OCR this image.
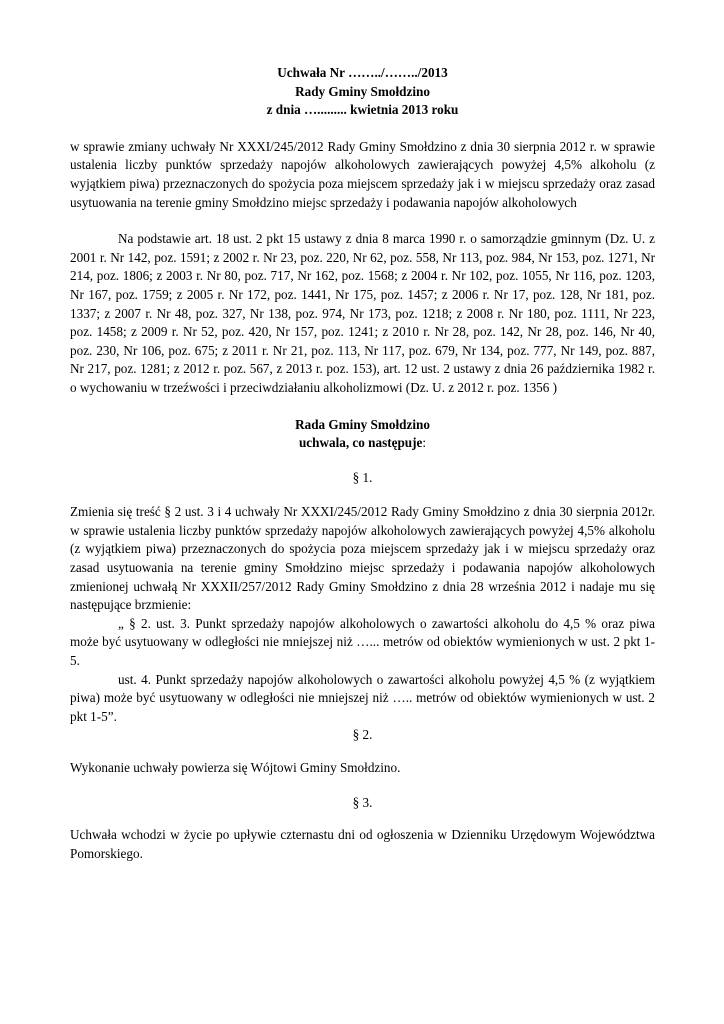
Uchwała Nr ……../……../2013

Rady Gminy Smołdzino

z dnia …......... kwietnia 2013 roku

w sprawie zmiany uchwały Nr XXXI/245/2012 Rady Gminy Smołdzino z dnia 30 sierpnia 2012 r. w sprawie ustalenia liczby punktów sprzedaży napojów alkoholowych zawierających powyżej 4,5% alkoholu (z wyjątkiem piwa) przeznaczonych do spożycia poza miejscem sprzedaży jak i w miejscu sprzedaży oraz zasad usytuowania na terenie gminy Smołdzino miejsc sprzedaży i podawania napojów alkoholowych

Na podstawie art. 18 ust. 2 pkt 15 ustawy z dnia 8 marca 1990 r. o samorządzie gminnym (Dz. U. z 2001 r. Nr 142, poz. 1591; z 2002 r. Nr 23, poz. 220, Nr 62, poz. 558, Nr 113, poz. 984, Nr 153, poz. 1271, Nr 214, poz. 1806; z 2003 r. Nr 80, poz. 717, Nr 162, poz. 1568; z 2004 r. Nr 102, poz. 1055, Nr 116, poz. 1203, Nr 167, poz. 1759; z 2005 r. Nr 172, poz. 1441, Nr 175, poz. 1457; z 2006 r. Nr 17, poz. 128, Nr 181, poz. 1337; z 2007 r. Nr 48, poz. 327, Nr 138, poz. 974, Nr 173, poz. 1218; z 2008 r. Nr 180, poz. 1111, Nr 223, poz. 1458; z 2009 r. Nr 52, poz. 420, Nr 157, poz. 1241; z 2010 r. Nr 28, poz. 142, Nr 28, poz. 146, Nr 40, poz. 230, Nr 106, poz. 675; z 2011 r. Nr 21, poz. 113, Nr 117, poz. 679, Nr 134, poz. 777, Nr 149, poz. 887, Nr 217, poz. 1281; z 2012 r. poz. 567, z 2013 r. poz. 153), art. 12 ust. 2 ustawy z dnia 26 października 1982 r. o wychowaniu w trzeźwości i przeciwdziałaniu alkoholizmowi (Dz. U. z 2012 r. poz. 1356 )

Rada Gminy Smołdzino

uchwala, co następuje:

§ 1.

Zmienia się treść § 2 ust. 3 i 4 uchwały Nr XXXI/245/2012 Rady Gminy Smołdzino z dnia 30 sierpnia 2012r. w sprawie ustalenia liczby punktów sprzedaży napojów alkoholowych zawierających powyżej 4,5% alkoholu (z wyjątkiem piwa) przeznaczonych do spożycia poza miejscem sprzedaży jak i w miejscu sprzedaży oraz zasad usytuowania na terenie gminy Smołdzino miejsc sprzedaży i podawania napojów alkoholowych zmienionej uchwałą Nr XXXII/257/2012 Rady Gminy Smołdzino z dnia 28 września 2012 i nadaje mu się następujące brzmienie:

„ § 2. ust. 3. Punkt sprzedaży napojów alkoholowych o zawartości alkoholu do 4,5 % oraz piwa może być usytuowany w odległości nie mniejszej niż …... metrów od obiektów wymienionych w ust. 2 pkt 1-5.

ust. 4. Punkt sprzedaży napojów alkoholowych o zawartości alkoholu powyżej 4,5 % (z wyjątkiem piwa) może być usytuowany w odległości nie mniejszej niż ….. metrów od obiektów wymienionych w ust. 2 pkt 1-5”.

§ 2.

Wykonanie uchwały powierza się Wójtowi Gminy Smołdzino.

§ 3.

Uchwała wchodzi w życie po upływie czternastu dni od ogłoszenia w Dzienniku Urzędowym Województwa Pomorskiego.
